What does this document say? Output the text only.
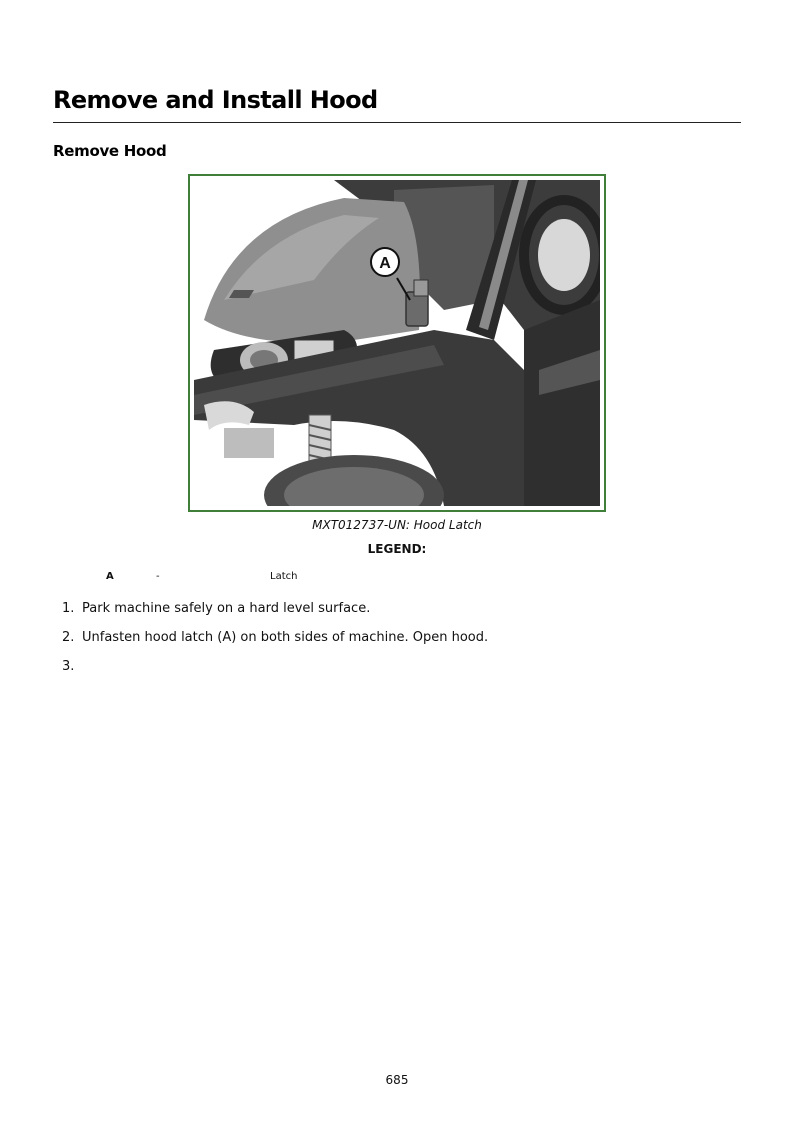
Remove and Install Hood
Remove Hood
A
MXT012737-UN: Hood Latch
LEGEND:
A	-	Latch
1. Park machine safely on a hard level surface.
2. Unfasten hood latch (A) on both sides of machine. Open hood.
3.
685
